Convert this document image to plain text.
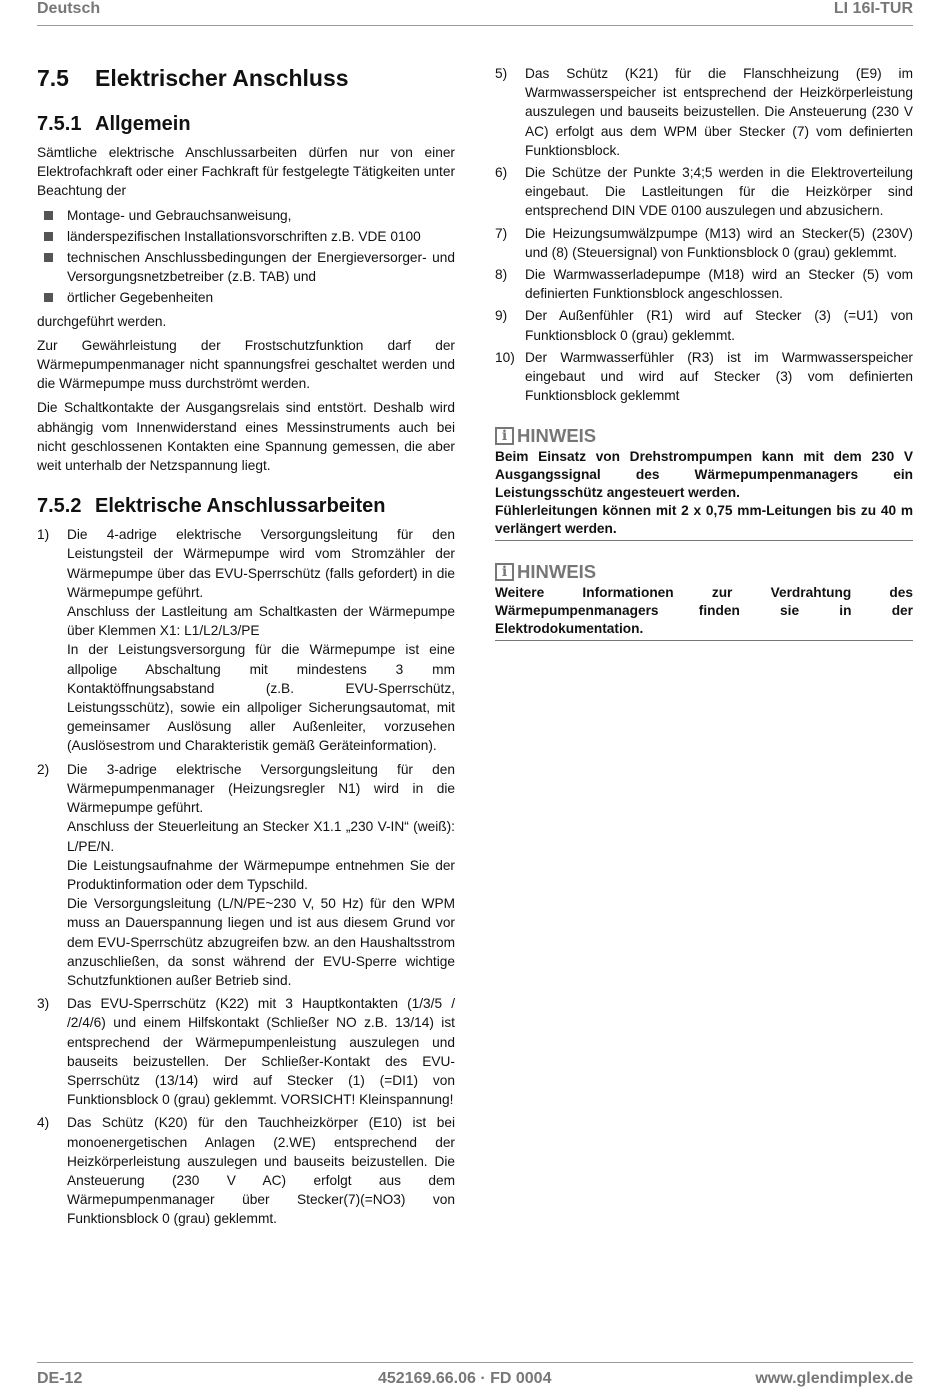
Deutsch	LI 16I-TUR
7.5 Elektrischer Anschluss
7.5.1 Allgemein

Sämtliche elektrische Anschlussarbeiten dürfen nur von einer Elektrofachkraft oder einer Fachkraft für festgelegte Tätigkeiten unter Beachtung der

Montage- und Gebrauchsanweisung,
länderspezifischen Installationsvorschriften z.B. VDE 0100
technischen Anschlussbedingungen der Energieversorger- und Versorgungsnetzbetreiber (z.B. TAB) und
örtlicher Gegebenheiten

durchgeführt werden.

Zur Gewährleistung der Frostschutzfunktion darf der Wärmepumpenmanager nicht spannungsfrei geschaltet werden und die Wärmepumpe muss durchströmt werden.

Die Schaltkontakte der Ausgangsrelais sind entstört. Deshalb wird abhängig vom Innenwiderstand eines Messinstruments auch bei nicht geschlossenen Kontakten eine Spannung gemessen, die aber weit unterhalb der Netzspannung liegt.

7.5.2 Elektrische Anschlussarbeiten
1) Die 4-adrige elektrische Versorgungsleitung für den Leistungsteil der Wärmepumpe wird vom Stromzähler der Wärmepumpe über das EVU-Sperrschütz (falls gefordert) in die Wärmepumpe geführt.
Anschluss der Lastleitung am Schaltkasten der Wärmepumpe über Klemmen X1: L1/L2/L3/PE
In der Leistungsversorgung für die Wärmepumpe ist eine allpolige Abschaltung mit mindestens 3 mm Kontaktöffnungsabstand (z.B. EVU-Sperrschütz, Leistungsschütz), sowie ein allpoliger Sicherungsautomat, mit gemeinsamer Auslösung aller Außenleiter, vorzusehen (Auslösestrom und Charakteristik gemäß Geräteinformation).
2) Die 3-adrige elektrische Versorgungsleitung für den Wärmepumpenmanager (Heizungsregler N1) wird in die Wärmepumpe geführt.
Anschluss der Steuerleitung an Stecker X1.1 „230 V-IN“ (weiß): L/PE/N.
Die Leistungsaufnahme der Wärmepumpe entnehmen Sie der Produktinformation oder dem Typschild.
Die Versorgungsleitung (L/N/PE~230 V, 50 Hz) für den WPM muss an Dauerspannung liegen und ist aus diesem Grund vor dem EVU-Sperrschütz abzugreifen bzw. an den Haushaltsstrom anzuschließen, da sonst während der EVU-Sperre wichtige Schutzfunktionen außer Betrieb sind.
3) Das EVU-Sperrschütz (K22) mit 3 Hauptkontakten (1/3/5 / /2/4/6) und einem Hilfskontakt (Schließer NO z.B. 13/14) ist entsprechend der Wärmepumpenleistung auszulegen und bauseits beizustellen. Der Schließer-Kontakt des EVU-Sperrschütz (13/14) wird auf Stecker (1) (=DI1) von Funktionsblock 0 (grau) geklemmt. VORSICHT! Kleinspannung!
4) Das Schütz (K20) für den Tauchheizkörper (E10) ist bei monoenergetischen Anlagen (2.WE) entsprechend der Heizkörperleistung auszulegen und bauseits beizustellen. Die Ansteuerung (230 V AC) erfolgt aus dem Wärmepumpenmanager über Stecker(7)(=NO3) von Funktionsblock 0 (grau) geklemmt.
5) Das Schütz (K21) für die Flanschheizung (E9) im Warmwasserspeicher ist entsprechend der Heizkörperleistung auszulegen und bauseits beizustellen. Die Ansteuerung (230 V AC) erfolgt aus dem WPM über Stecker (7) vom definierten Funktionsblock.
6) Die Schütze der Punkte 3;4;5 werden in die Elektroverteilung eingebaut. Die Lastleitungen für die Heizkörper sind entsprechend DIN VDE 0100 auszulegen und abzusichern.
7) Die Heizungsumwälzpumpe (M13) wird an Stecker(5) (230V) und (8) (Steuersignal) von Funktionsblock 0 (grau) geklemmt.
8) Die Warmwasserladepumpe (M18) wird an Stecker (5) vom definierten Funktionsblock angeschlossen.
9) Der Außenfühler (R1) wird auf Stecker (3) (=U1) von Funktionsblock 0 (grau) geklemmt.
10) Der Warmwasserfühler (R3) ist im Warmwasserspeicher eingebaut und wird auf Stecker (3) vom definierten Funktionsblock geklemmt
i HINWEIS
Beim Einsatz von Drehstrompumpen kann mit dem 230 V Ausgangssignal des Wärmepumpenmanagers ein Leistungsschütz angesteuert werden.
Fühlerleitungen können mit 2 x 0,75 mm-Leitungen bis zu 40 m verlängert werden.
i HINWEIS
Weitere Informationen zur Verdrahtung des Wärmepumpenmanagers finden sie in der Elektrodokumentation.
DE-12	452169.66.06 · FD 0004	www.glendimplex.de
